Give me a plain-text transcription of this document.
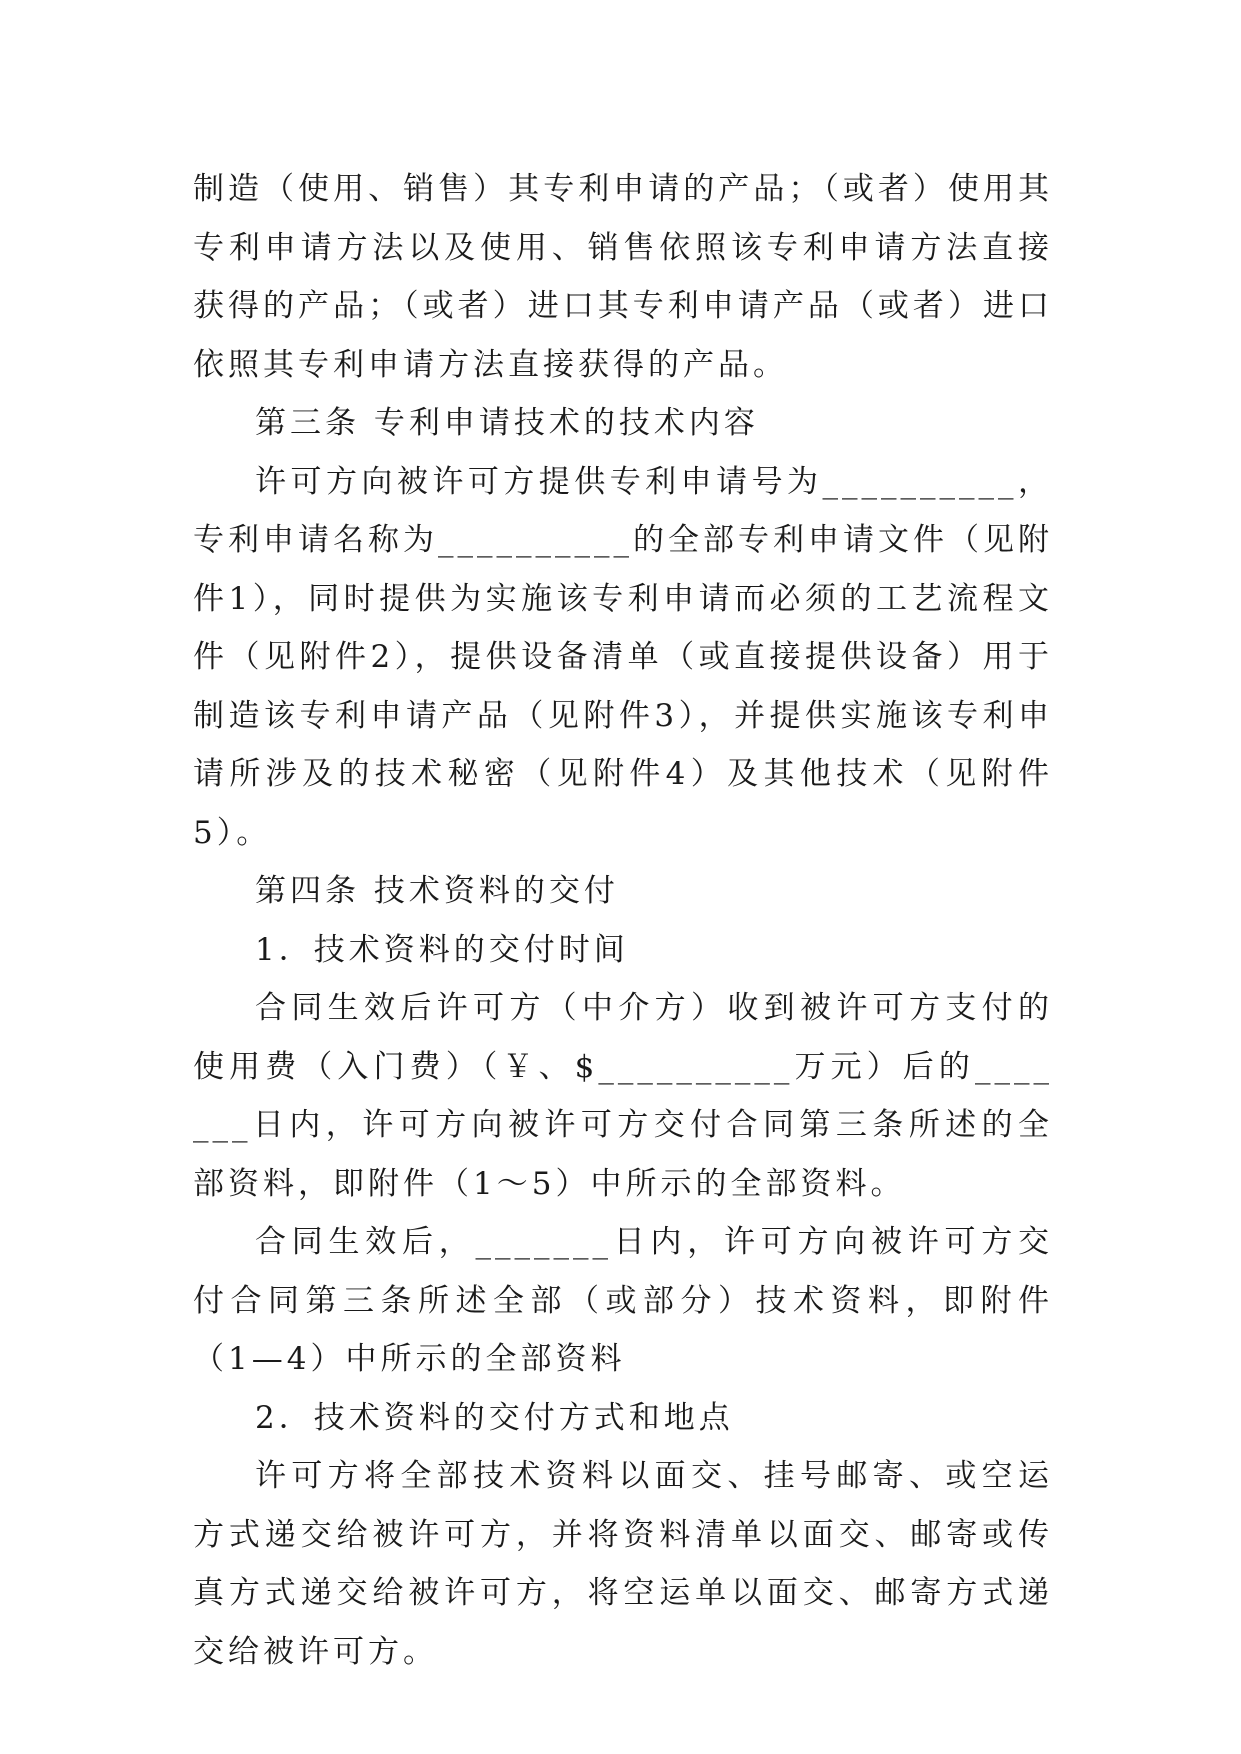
制造（使用、销售）其专利申请的产品；（或者）使用其专利申请方法以及使用、销售依照该专利申请方法直接获得的产品；（或者）进口其专利申请产品（或者）进口依照其专利申请方法直接获得的产品。

第三条 专利申请技术的技术内容

许可方向被许可方提供专利申请号为__________，专利申请名称为__________的全部专利申请文件（见附件1），同时提供为实施该专利申请而必须的工艺流程文件（见附件2），提供设备清单（或直接提供设备）用于制造该专利申请产品（见附件3），并提供实施该专利申请所涉及的技术秘密（见附件4）及其他技术（见附件5）。

第四条 技术资料的交付

1．技术资料的交付时间

合同生效后许可方（中介方）收到被许可方支付的使用费（入门费）（￥、$__________万元）后的_______日内，许可方向被许可方交付合同第三条所述的全部资料，即附件（1～5）中所示的全部资料。

合同生效后，_______日内，许可方向被许可方交付合同第三条所述全部（或部分）技术资料，即附件（1—4）中所示的全部资料

2．技术资料的交付方式和地点

许可方将全部技术资料以面交、挂号邮寄、或空运方式递交给被许可方，并将资料清单以面交、邮寄或传真方式递交给被许可方，将空运单以面交、邮寄方式递交给被许可方。
